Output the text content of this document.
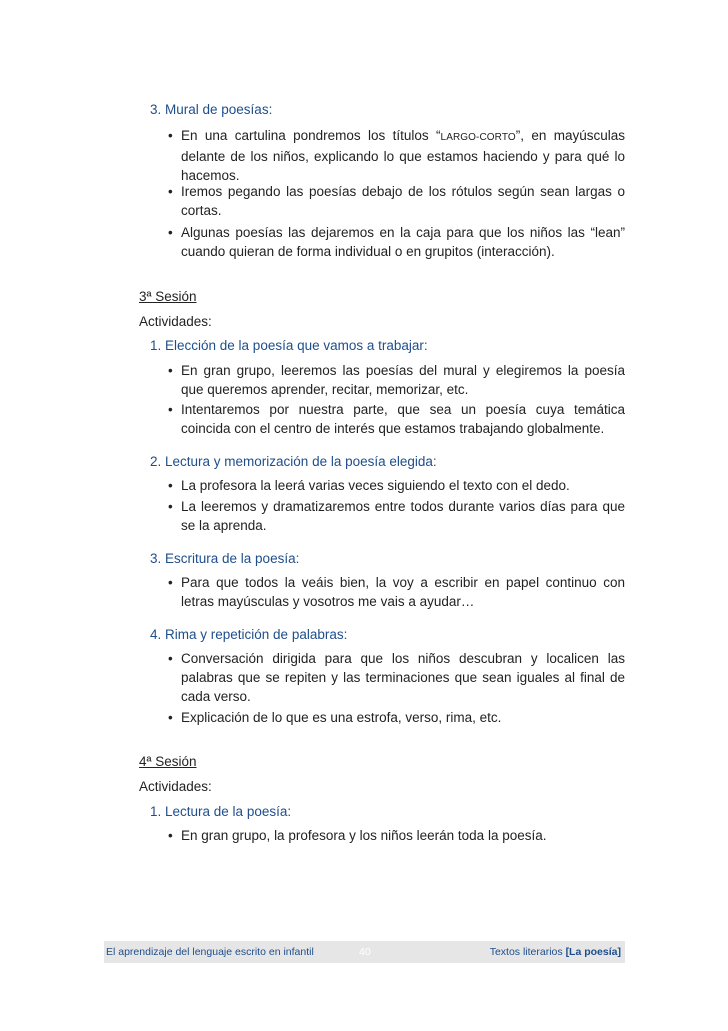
3. Mural de poesías:
• En una cartulina pondremos los títulos “LARGO-CORTO”, en mayúsculas delante de los niños, explicando lo que estamos haciendo y para qué lo hacemos.
• Iremos pegando las poesías debajo de los rótulos según sean largas o cortas.
• Algunas poesías las dejaremos en la caja para que los niños las “lean” cuando quieran de forma individual o en grupitos (interacción).
3ª Sesión
Actividades:
1. Elección de la poesía que vamos a trabajar:
• En gran grupo, leeremos las poesías del mural y elegiremos la poesía que queremos aprender, recitar, memorizar, etc.
• Intentaremos por nuestra parte, que sea un poesía cuya temática coincida con el centro de interés que estamos trabajando globalmente.
2. Lectura y memorización de la poesía elegida:
• La profesora la leerá varias veces siguiendo el texto con el dedo.
• La leeremos y dramatizaremos entre todos durante varios días para que se la aprenda.
3. Escritura de la poesía:
• Para que todos la veáis bien, la voy a escribir en papel continuo con letras mayúsculas y vosotros me vais a ayudar…
4. Rima y repetición de palabras:
• Conversación dirigida para que los niños descubran y localicen las palabras que se repiten y las terminaciones que sean iguales al final de cada verso.
• Explicación de lo que es una estrofa, verso, rima, etc.
4ª Sesión
Actividades:
1. Lectura de la poesía:
• En gran grupo, la profesora y los niños leerán toda la poesía.
El aprendizaje del lenguaje escrito en infantil	40	Textos literarios [La poesía]
